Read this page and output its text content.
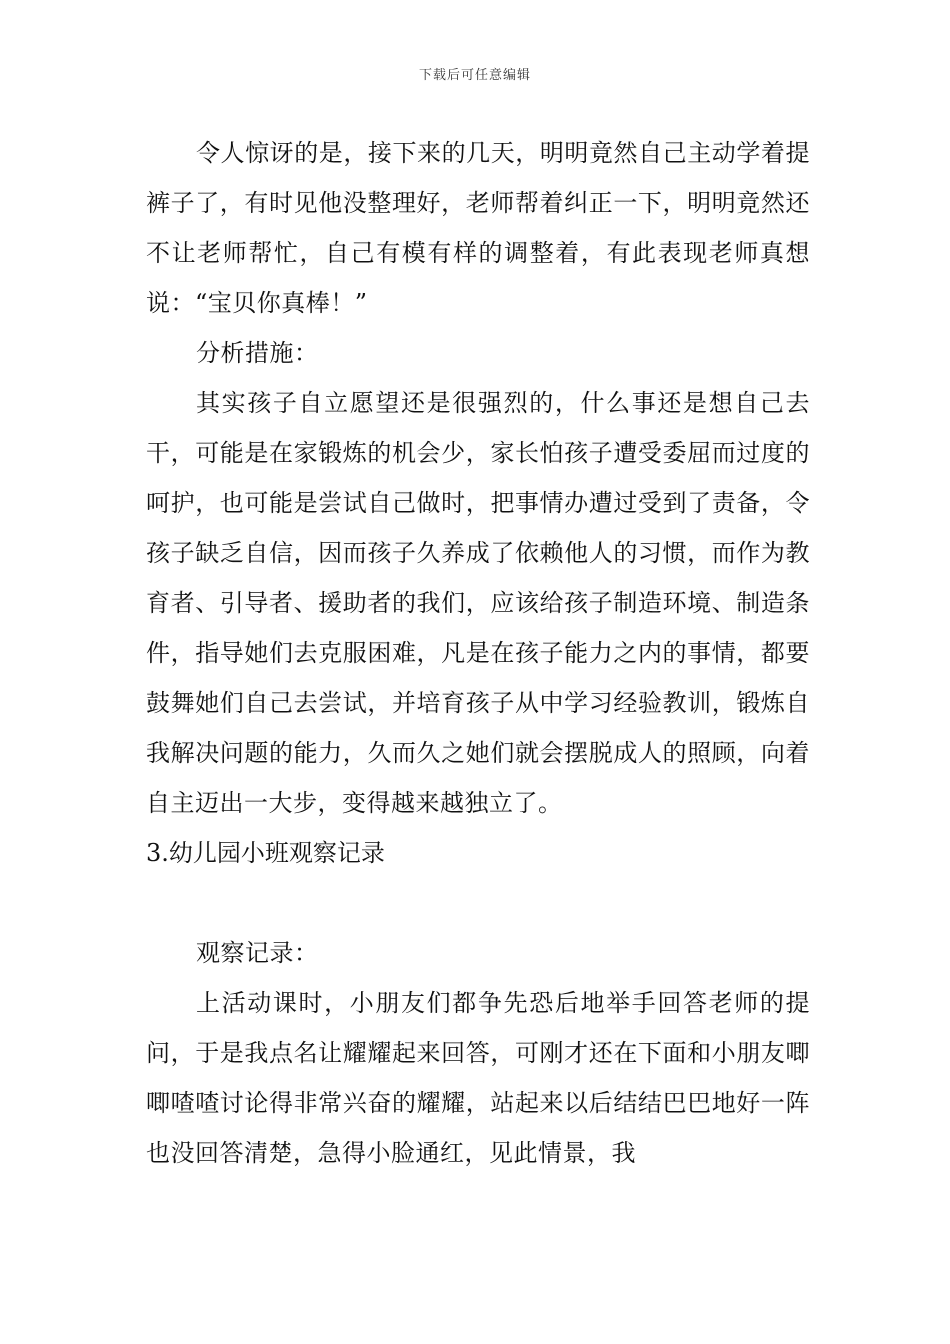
下载后可任意编辑

令人惊讶的是，接下来的几天，明明竟然自己主动学着提裤子了，有时见他没整理好，老师帮着纠正一下，明明竟然还不让老师帮忙，自己有模有样的调整着，有此表现老师真想说：“宝贝你真棒！”

分析措施：

其实孩子自立愿望还是很强烈的，什么事还是想自己去干，可能是在家锻炼的机会少，家长怕孩子遭受委屈而过度的呵护，也可能是尝试自己做时，把事情办遭过受到了责备，令孩子缺乏自信，因而孩子久养成了依赖他人的习惯，而作为教育者、引导者、援助者的我们，应该给孩子制造环境、制造条件，指导她们去克服困难，凡是在孩子能力之内的事情，都要鼓舞她们自己去尝试，并培育孩子从中学习经验教训，锻炼自我解决问题的能力，久而久之她们就会摆脱成人的照顾，向着自主迈出一大步，变得越来越独立了。

3.幼儿园小班观察记录

观察记录：

上活动课时，小朋友们都争先恐后地举手回答老师的提问，于是我点名让耀耀起来回答，可刚才还在下面和小朋友唧唧喳喳讨论得非常兴奋的耀耀，站起来以后结结巴巴地好一阵也没回答清楚，急得小脸通红，见此情景，我
